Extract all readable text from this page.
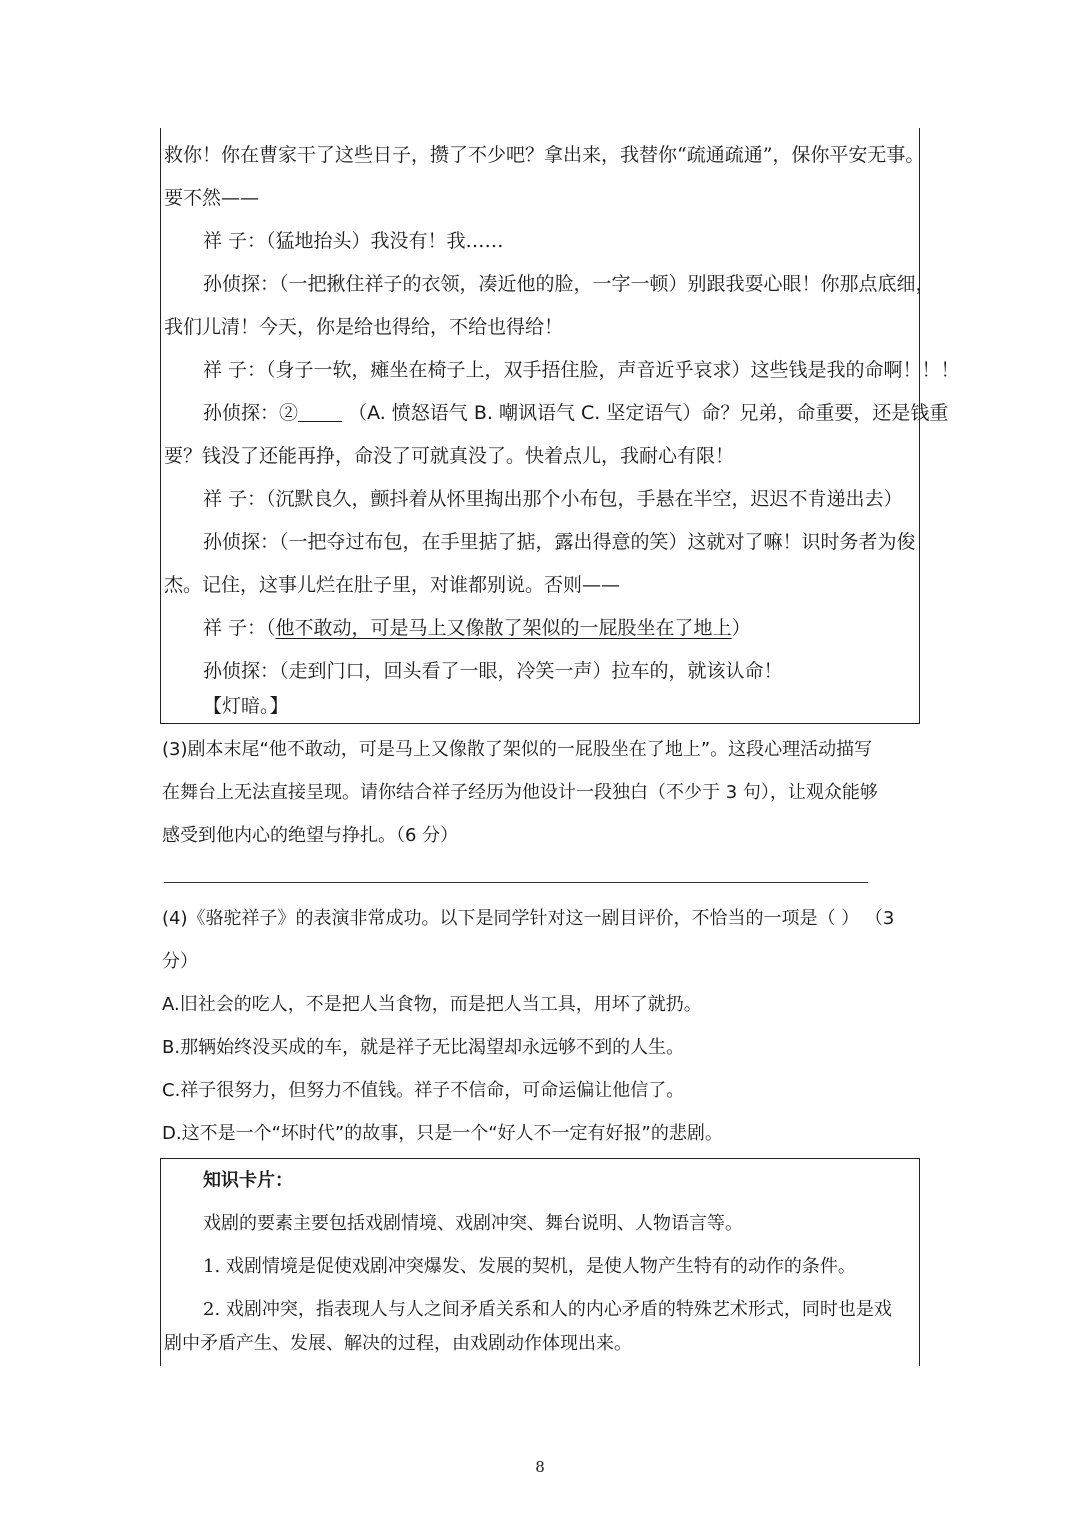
救你！你在曹家干了这些日子，攒了不少吧？拿出来，我替你“疏通疏通”，保你平安无事。

要不然——

祥 子：（猛地抬头）我没有！我……

孙侦探：（一把揪住祥子的衣领，凑近他的脸，一字一顿）别跟我耍心眼！你那点底细，

我们儿清！今天，你是给也得给，不给也得给！

祥 子：（身子一软，瘫坐在椅子上，双手捂住脸，声音近乎哀求）这些钱是我的命啊！！！

孙侦探：②	（A. 愤怒语气 B. 嘲讽语气 C. 坚定语气）命？兄弟，命重要，还是钱重

要？钱没了还能再挣，命没了可就真没了。快着点儿，我耐心有限！

祥 子：（沉默良久，颤抖着从怀里掏出那个小布包，手悬在半空，迟迟不肯递出去）

孙侦探：（一把夺过布包，在手里掂了掂，露出得意的笑）这就对了嘛！识时务者为俊

杰。记住，这事儿烂在肚子里，对谁都别说。否则——

祥 子：（他不敢动，可是马上又像散了架似的一屁股坐在了地上）

孙侦探：（走到门口，回头看了一眼，冷笑一声）拉车的，就该认命！

【灯暗。】

(3)剧本末尾“他不敢动，可是马上又像散了架似的一屁股坐在了地上”。这段心理活动描写

在舞台上无法直接呈现。请你结合祥子经历为他设计一段独白（不少于 3 句），让观众能够

感受到他内心的绝望与挣扎。（6 分）

(4)《骆驼祥子》的表演非常成功。以下是同学针对这一剧目评价，不恰当的一项是（ ） （3

分）

A.旧社会的吃人，不是把人当食物，而是把人当工具，用坏了就扔。

B.那辆始终没买成的车，就是祥子无比渴望却永远够不到的人生。

C.祥子很努力，但努力不值钱。祥子不信命，可命运偏让他信了。

D.这不是一个“坏时代”的故事，只是一个“好人不一定有好报”的悲剧。

知识卡片：

戏剧的要素主要包括戏剧情境、戏剧冲突、舞台说明、人物语言等。

1. 戏剧情境是促使戏剧冲突爆发、发展的契机，是使人物产生特有的动作的条件。

2. 戏剧冲突，指表现人与人之间矛盾关系和人的内心矛盾的特殊艺术形式，同时也是戏

剧中矛盾产生、发展、解决的过程，由戏剧动作体现出来。

8
